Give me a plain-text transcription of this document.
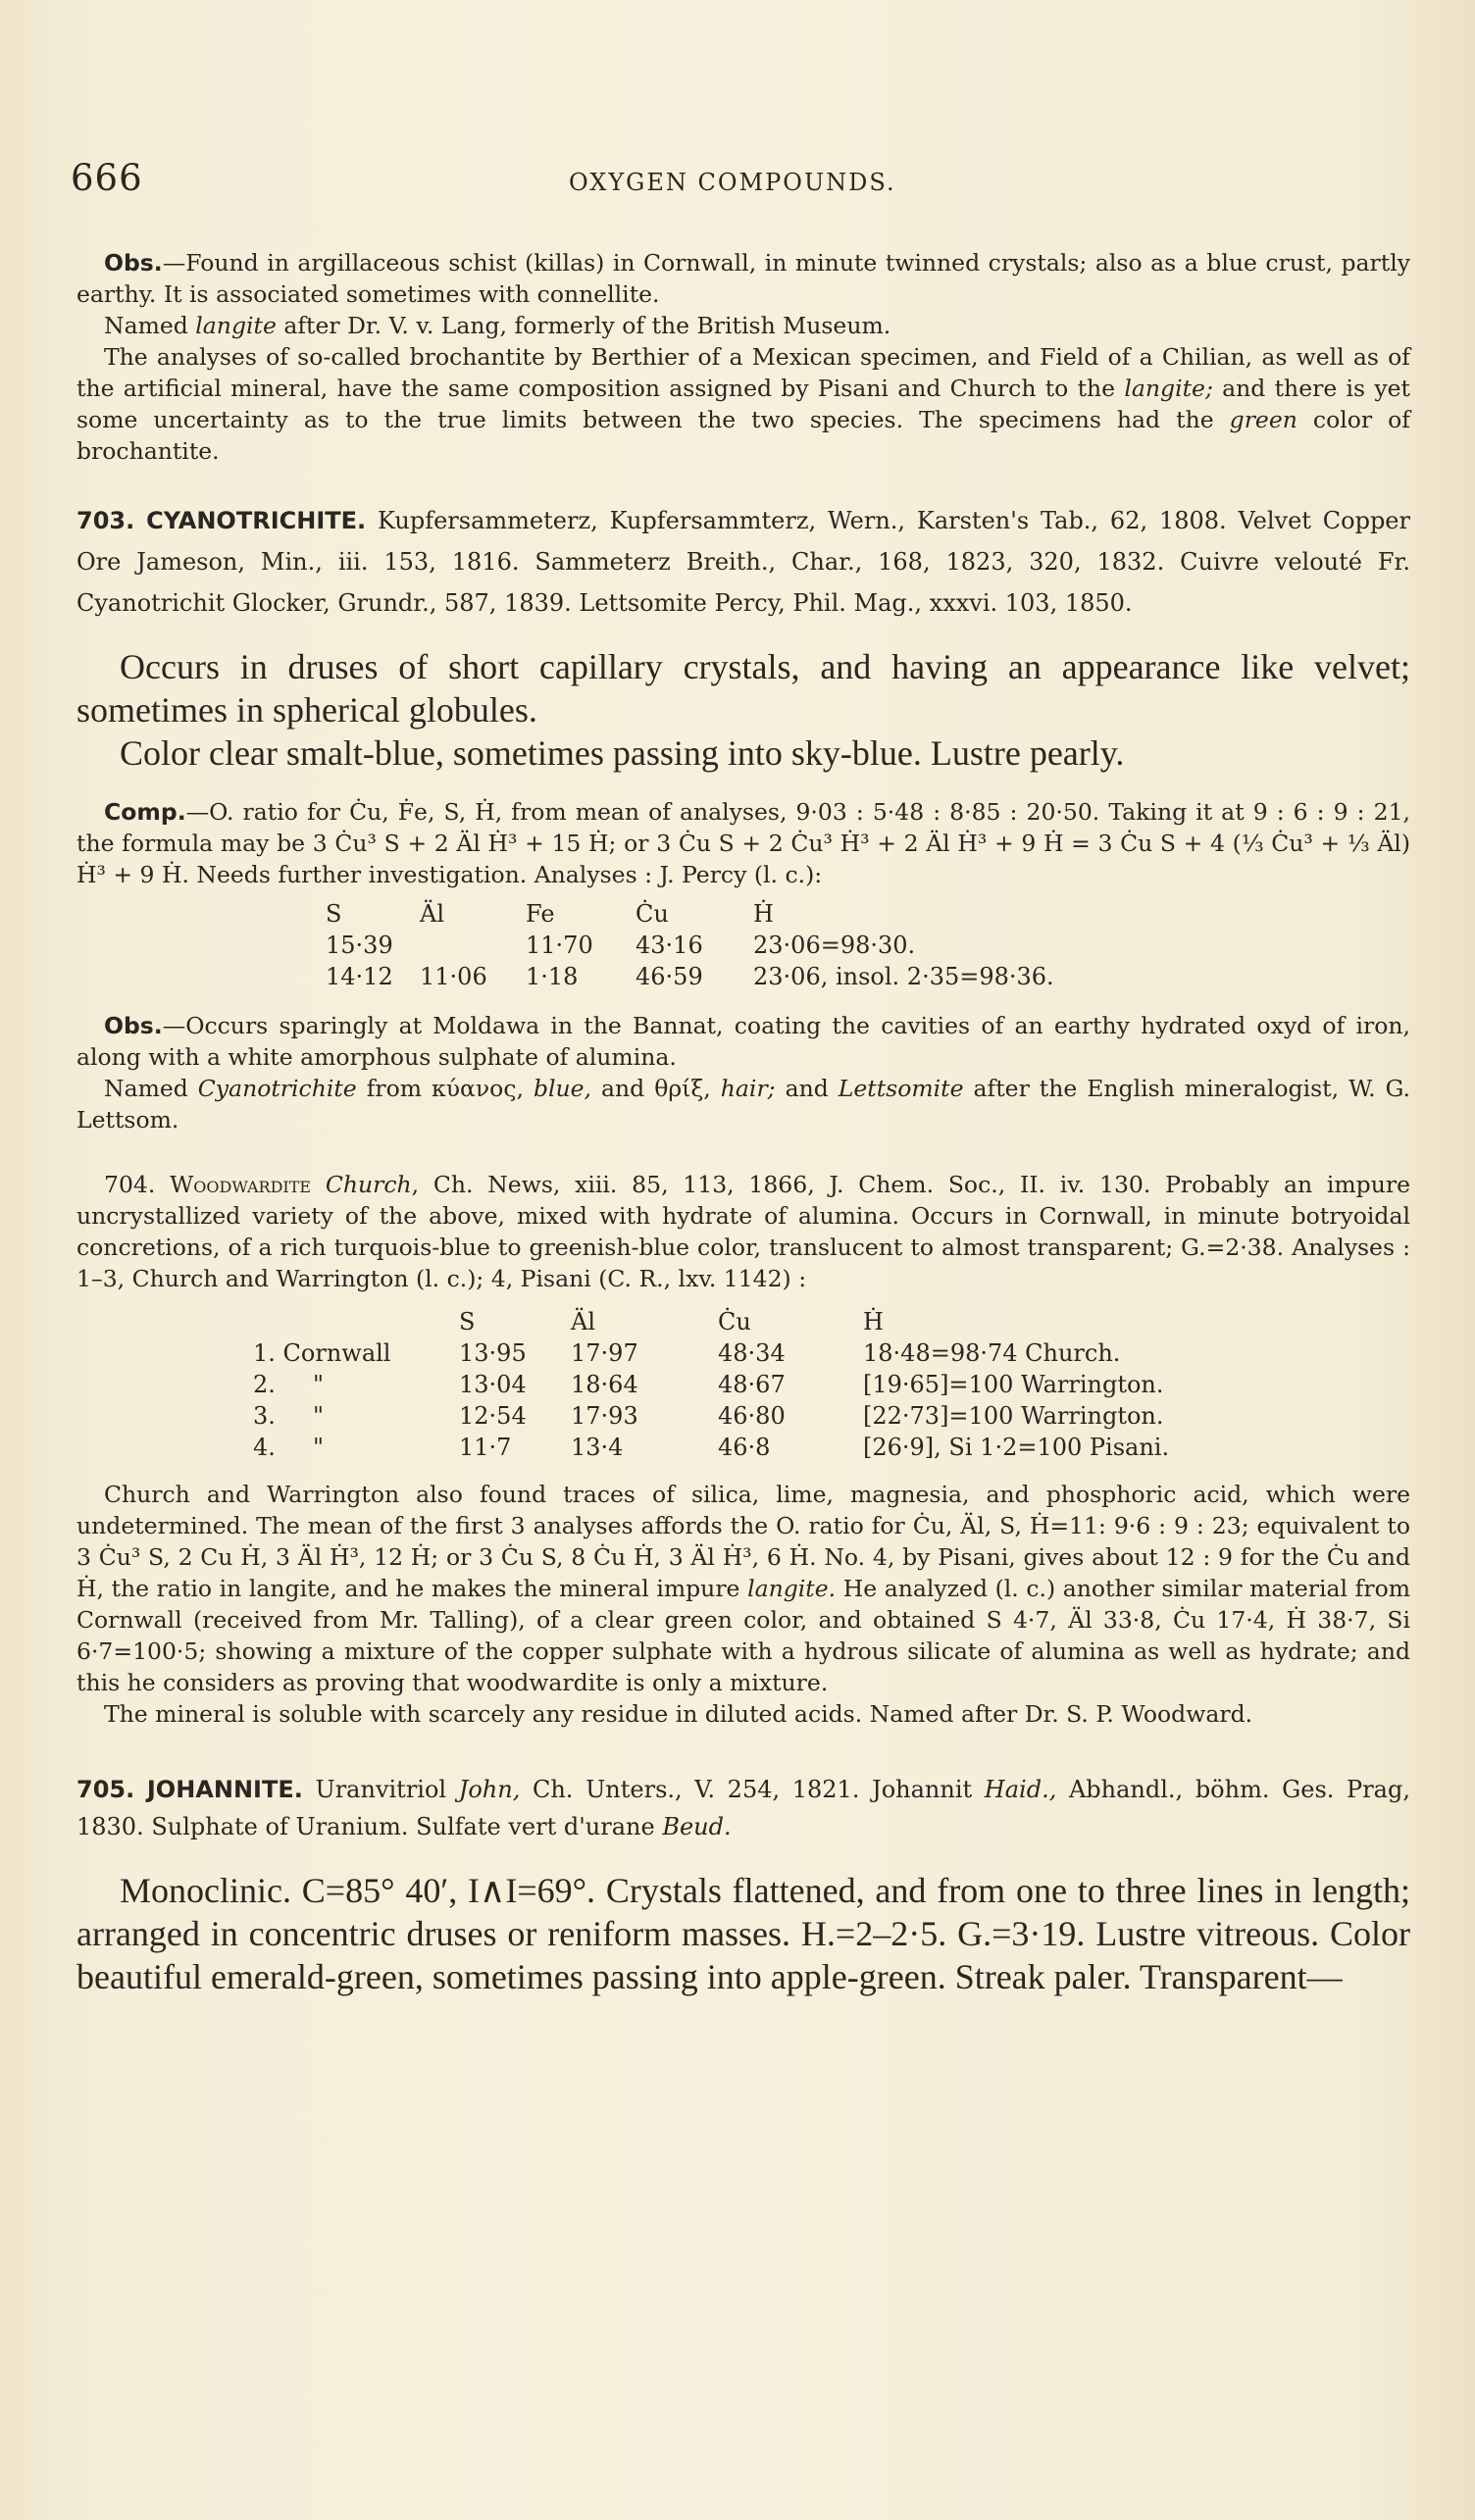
666	OXYGEN COMPOUNDS.

Obs.—Found in argillaceous schist (killas) in Cornwall, in minute twinned crystals; also as a blue crust, partly earthy. It is associated sometimes with connellite.

Named langite after Dr. V. v. Lang, formerly of the British Museum.

The analyses of so-called brochantite by Berthier of a Mexican specimen, and Field of a Chilian, as well as of the artificial mineral, have the same composition assigned by Pisani and Church to the langite; and there is yet some uncertainty as to the true limits between the two species. The specimens had the green color of brochantite.

703. CYANOTRICHITE. Kupfersammeterz, Kupfersammterz, Wern., Karsten's Tab., 62, 1808. Velvet Copper Ore Jameson, Min., iii. 153, 1816. Sammeterz Breith., Char., 168, 1823, 320, 1832. Cuivre velouté Fr. Cyanotrichit Glocker, Grundr., 587, 1839. Lettsomite Percy, Phil. Mag., xxxvi. 103, 1850.

Occurs in druses of short capillary crystals, and having an appearance like velvet; sometimes in spherical globules.

Color clear smalt-blue, sometimes passing into sky-blue. Lustre pearly.

Comp.—O. ratio for Ċu, Ḟe, S, Ḣ, from mean of analyses, 9·03 : 5·48 : 8·85 : 20·50. Taking it at 9 : 6 : 9 : 21, the formula may be 3 Ċu³ S + 2 Äl Ḣ³ + 15 Ḣ; or 3 Ċu S + 2 Ċu³ Ḣ³ + 2 Äl Ḣ³ + 9 Ḣ = 3 Ċu S + 4 (⅓ Ċu³ + ⅓ Äl) Ḣ³ + 9 Ḣ. Needs further investigation. Analyses : J. Percy (l. c.):

S	Äl	Fe	Ċu	Ḣ
15·39		11·70	43·16	23·06=98·30.
14·12	11·06	1·18	46·59	23·06, insol. 2·35=98·36.

Obs.—Occurs sparingly at Moldawa in the Bannat, coating the cavities of an earthy hydrated oxyd of iron, along with a white amorphous sulphate of alumina.

Named Cyanotrichite from κύανος, blue, and θρίξ, hair; and Lettsomite after the English mineralogist, W. G. Lettsom.

704. Woodwardite Church, Ch. News, xiii. 85, 113, 1866, J. Chem. Soc., II. iv. 130. Probably an impure uncrystallized variety of the above, mixed with hydrate of alumina. Occurs in Cornwall, in minute botryoidal concretions, of a rich turquois-blue to greenish-blue color, translucent to almost transparent; G.=2·38. Analyses : 1–3, Church and Warrington (l. c.); 4, Pisani (C. R., lxv. 1142) :

	S	Äl	Ċu	Ḣ
1. Cornwall	13·95	17·97	48·34	18·48=98·74 Church.
2.     "	13·04	18·64	48·67	[19·65]=100 Warrington.
3.     "	12·54	17·93	46·80	[22·73]=100 Warrington.
4.     "	11·7	13·4	46·8	[26·9], Si 1·2=100 Pisani.

Church and Warrington also found traces of silica, lime, magnesia, and phosphoric acid, which were undetermined. The mean of the first 3 analyses affords the O. ratio for Ċu, Äl, S, Ḣ=11: 9·6 : 9 : 23; equivalent to 3 Ċu³ S, 2 Cu Ḣ, 3 Äl Ḣ³, 12 Ḣ; or 3 Ċu S, 8 Ċu Ḣ, 3 Äl Ḣ³, 6 Ḣ. No. 4, by Pisani, gives about 12 : 9 for the Ċu and Ḣ, the ratio in langite, and he makes the mineral impure langite. He analyzed (l. c.) another similar material from Cornwall (received from Mr. Talling), of a clear green color, and obtained S 4·7, Äl 33·8, Ċu 17·4, Ḣ 38·7, Si 6·7=100·5; showing a mixture of the copper sulphate with a hydrous silicate of alumina as well as hydrate; and this he considers as proving that woodwardite is only a mixture.

The mineral is soluble with scarcely any residue in diluted acids. Named after Dr. S. P. Woodward.

705. JOHANNITE. Uranvitriol John, Ch. Unters., V. 254, 1821. Johannit Haid., Abhandl., böhm. Ges. Prag, 1830. Sulphate of Uranium. Sulfate vert d'urane Beud.

Monoclinic. C=85° 40′, I∧I=69°. Crystals flattened, and from one to three lines in length; arranged in concentric druses or reniform masses. H.=2–2·5. G.=3·19. Lustre vitreous. Color beautiful emerald-green, sometimes passing into apple-green. Streak paler. Transparent—
